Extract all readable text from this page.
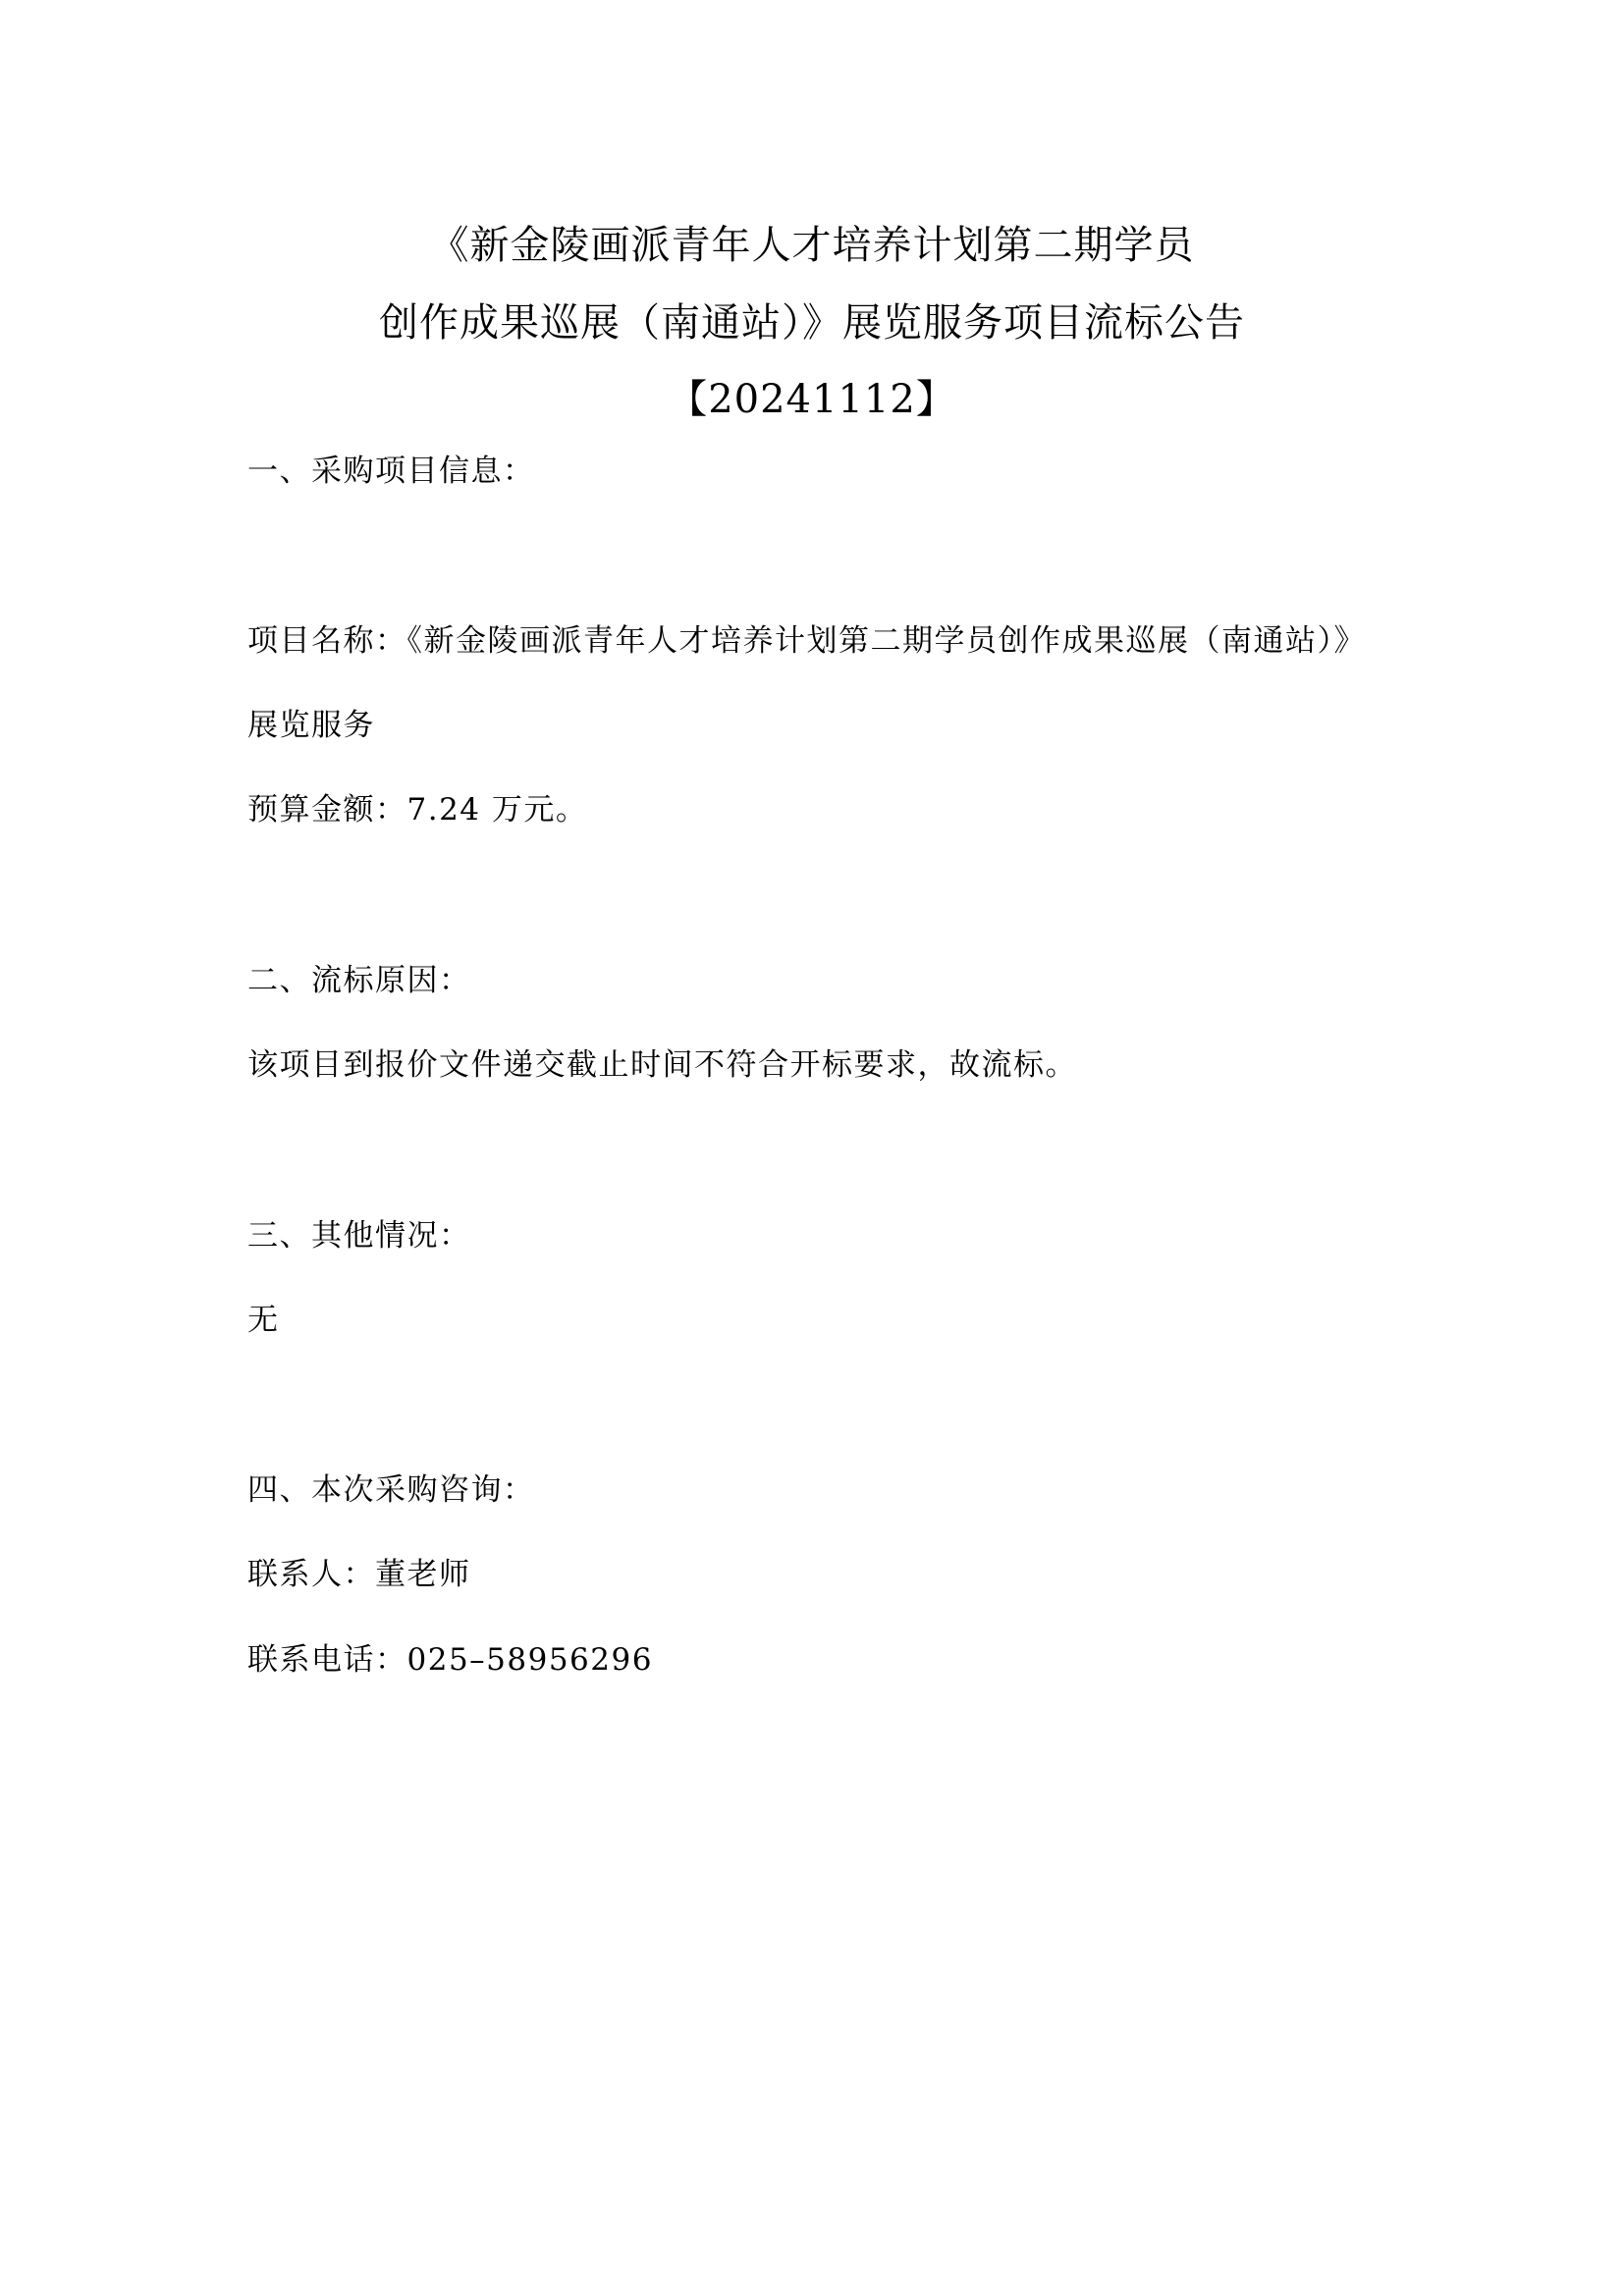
《新金陵画派青年人才培养计划第二期学员
创作成果巡展（南通站）》展览服务项目流标公告
【20241112】
一、采购项目信息：
项目名称：《新金陵画派青年人才培养计划第二期学员创作成果巡展（南通站）》
展览服务
预算金额：7.24 万元。
二、流标原因：
该项目到报价文件递交截止时间不符合开标要求，故流标。
三、其他情况：
无
四、本次采购咨询：
联系人：董老师
联系电话：025–58956296
